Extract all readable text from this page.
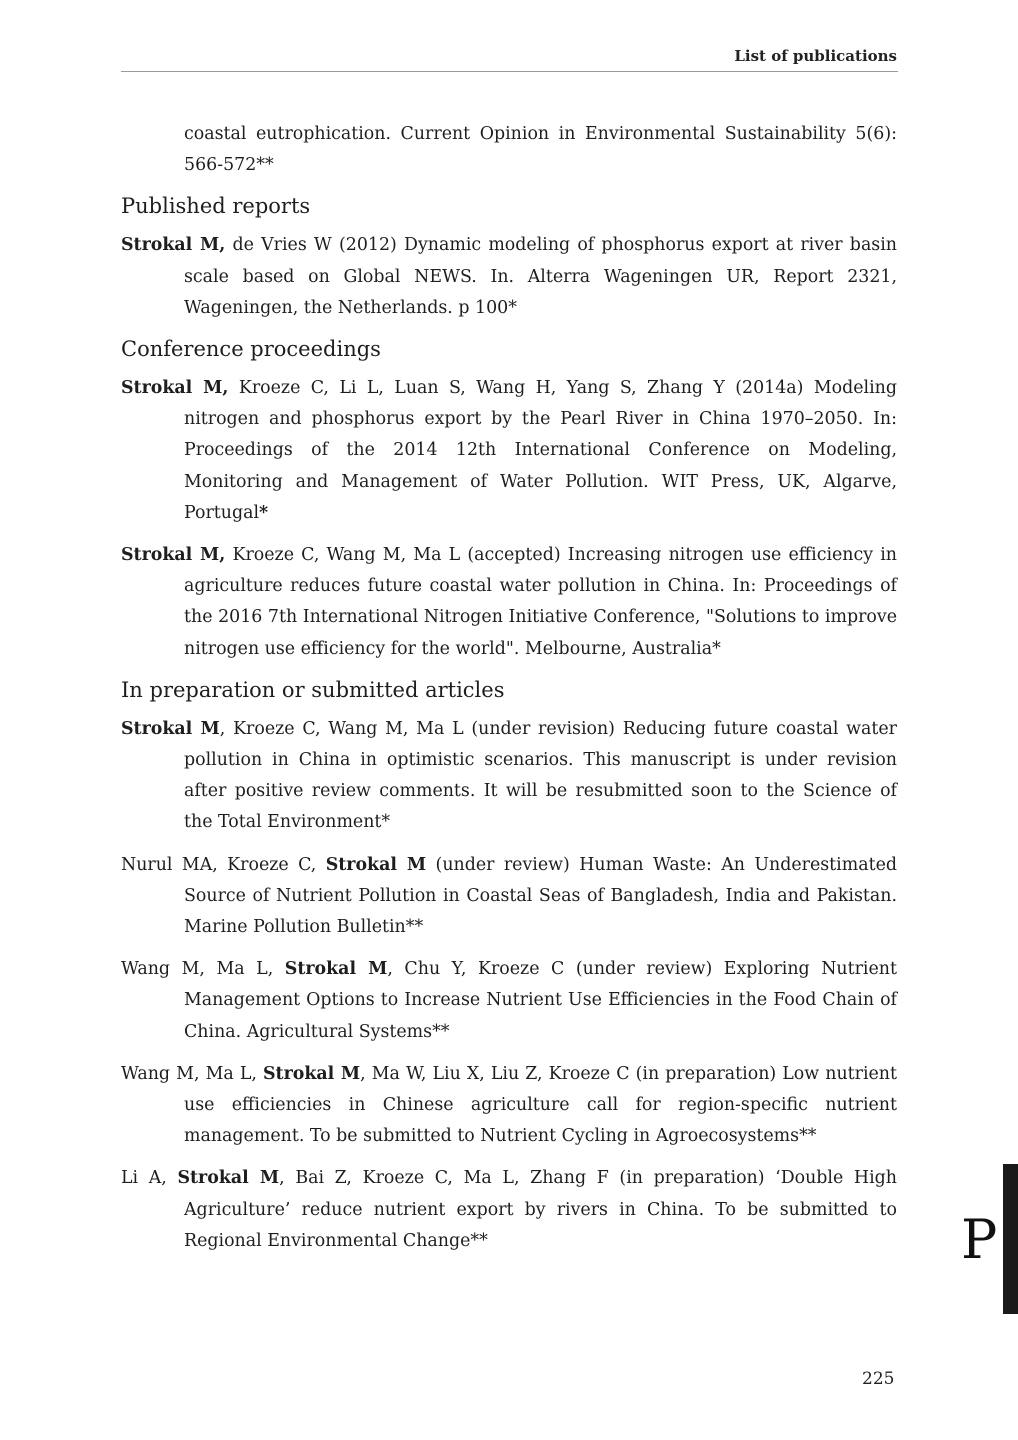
List of publications

coastal eutrophication. Current Opinion in Environmental Sustainability 5(6): 566-572**

Published reports

Strokal M, de Vries W (2012) Dynamic modeling of phosphorus export at river basin scale based on Global NEWS. In. Alterra Wageningen UR, Report 2321, Wageningen, the Netherlands. p 100*

Conference proceedings

Strokal M, Kroeze C, Li L, Luan S, Wang H, Yang S, Zhang Y (2014a) Modeling nitrogen and phosphorus export by the Pearl River in China 1970–2050. In: Proceedings of the 2014 12th International Conference on Modeling, Monitoring and Management of Water Pollution. WIT Press, UK, Algarve, Portugal*

Strokal M, Kroeze C, Wang M, Ma L (accepted) Increasing nitrogen use efficiency in agriculture reduces future coastal water pollution in China. In: Proceedings of the 2016 7th International Nitrogen Initiative Conference, "Solutions to improve nitrogen use efficiency for the world". Melbourne, Australia*

In preparation or submitted articles

Strokal M, Kroeze C, Wang M, Ma L (under revision) Reducing future coastal water pollution in China in optimistic scenarios. This manuscript is under revision after positive review comments. It will be resubmitted soon to the Science of the Total Environment*

Nurul MA, Kroeze C, Strokal M (under review) Human Waste: An Underestimated Source of Nutrient Pollution in Coastal Seas of Bangladesh, India and Pakistan. Marine Pollution Bulletin**

Wang M, Ma L, Strokal M, Chu Y, Kroeze C (under review) Exploring Nutrient Management Options to Increase Nutrient Use Efficiencies in the Food Chain of China. Agricultural Systems**

Wang M, Ma L, Strokal M, Ma W, Liu X, Liu Z, Kroeze C (in preparation) Low nutrient use efficiencies in Chinese agriculture call for region-specific nutrient management. To be submitted to Nutrient Cycling in Agroecosystems**

Li A, Strokal M, Bai Z, Kroeze C, Ma L, Zhang F (in preparation) ‘Double High Agriculture’ reduce nutrient export by rivers in China. To be submitted to Regional Environmental Change**	P
225
